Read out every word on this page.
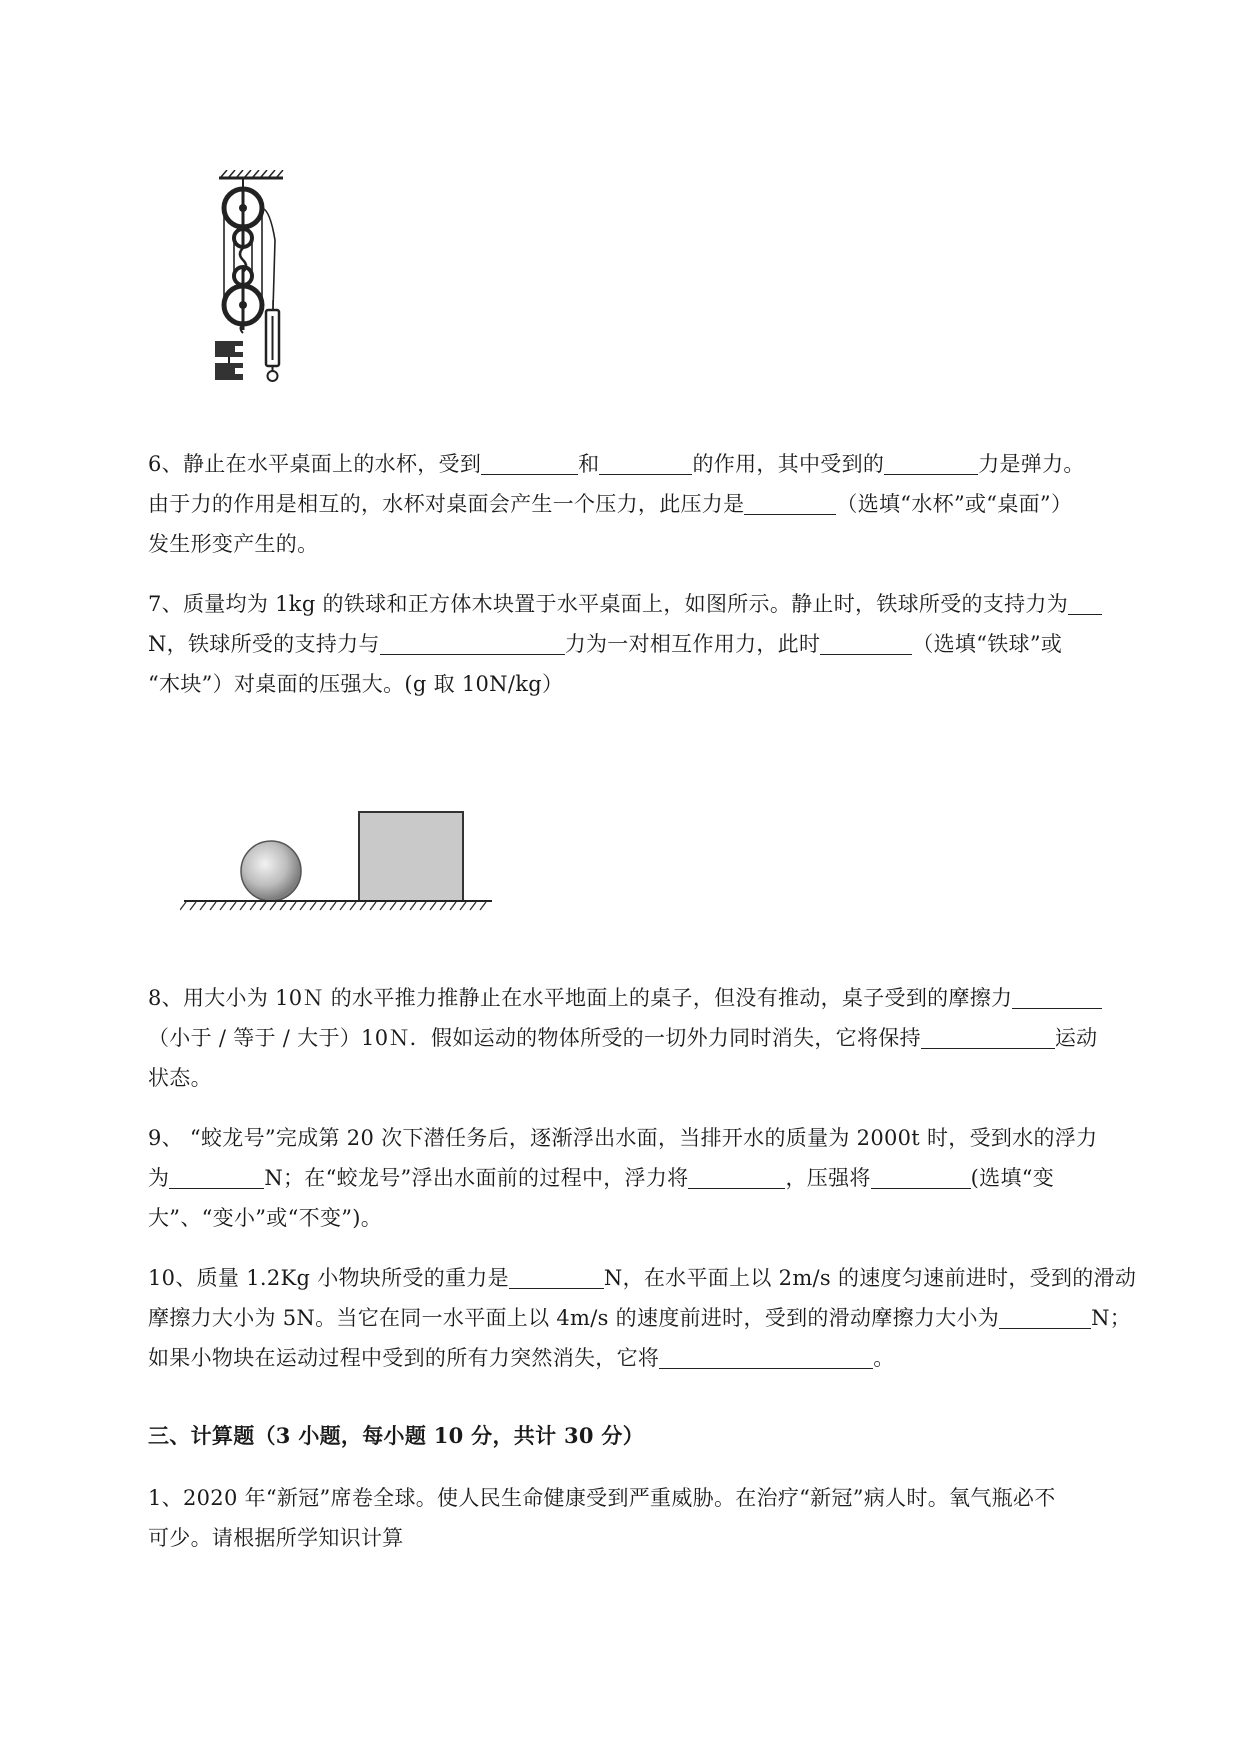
6、静止在水平桌面上的水杯，受到	和	的作用，其中受到的	力是弹力。
由于力的作用是相互的，水杯对桌面会产生一个压力，此压力是	（选填“水杯”或“桌面”）
发生形变产生的。
7、质量均为 1kg 的铁球和正方体木块置于水平桌面上，如图所示。静止时，铁球所受的支持力为
N，铁球所受的支持力与	力为一对相互作用力，此时	（选填“铁球”或
“木块”）对桌面的压强大。(g 取 10N/kg）
8、用大小为 10Ｎ 的水平推力推静止在水平地面上的桌子，但没有推动，桌子受到的摩擦力
（小于 / 等于 / 大于）10Ｎ．假如运动的物体所受的一切外力同时消失，它将保持	运动
状态。
9、 “蛟龙号”完成第 20 次下潜任务后，逐渐浮出水面，当排开水的质量为 2000t 时，受到水的浮力
为	N；在“蛟龙号”浮出水面前的过程中，浮力将	，压强将	(选填“变
大”、“变小”或“不变”)。
10、质量 1.2Kg 小物块所受的重力是	N，在水平面上以 2m/s 的速度匀速前进时，受到的滑动
摩擦力大小为 5N。当它在同一水平面上以 4m/s 的速度前进时，受到的滑动摩擦力大小为	N；
如果小物块在运动过程中受到的所有力突然消失，它将	。
三、计算题（3 小题，每小题 10 分，共计 30 分）
1、2020 年“新冠”席卷全球。使人民生命健康受到严重威胁。在治疗“新冠”病人时。氧气瓶必不
可少。请根据所学知识计算
